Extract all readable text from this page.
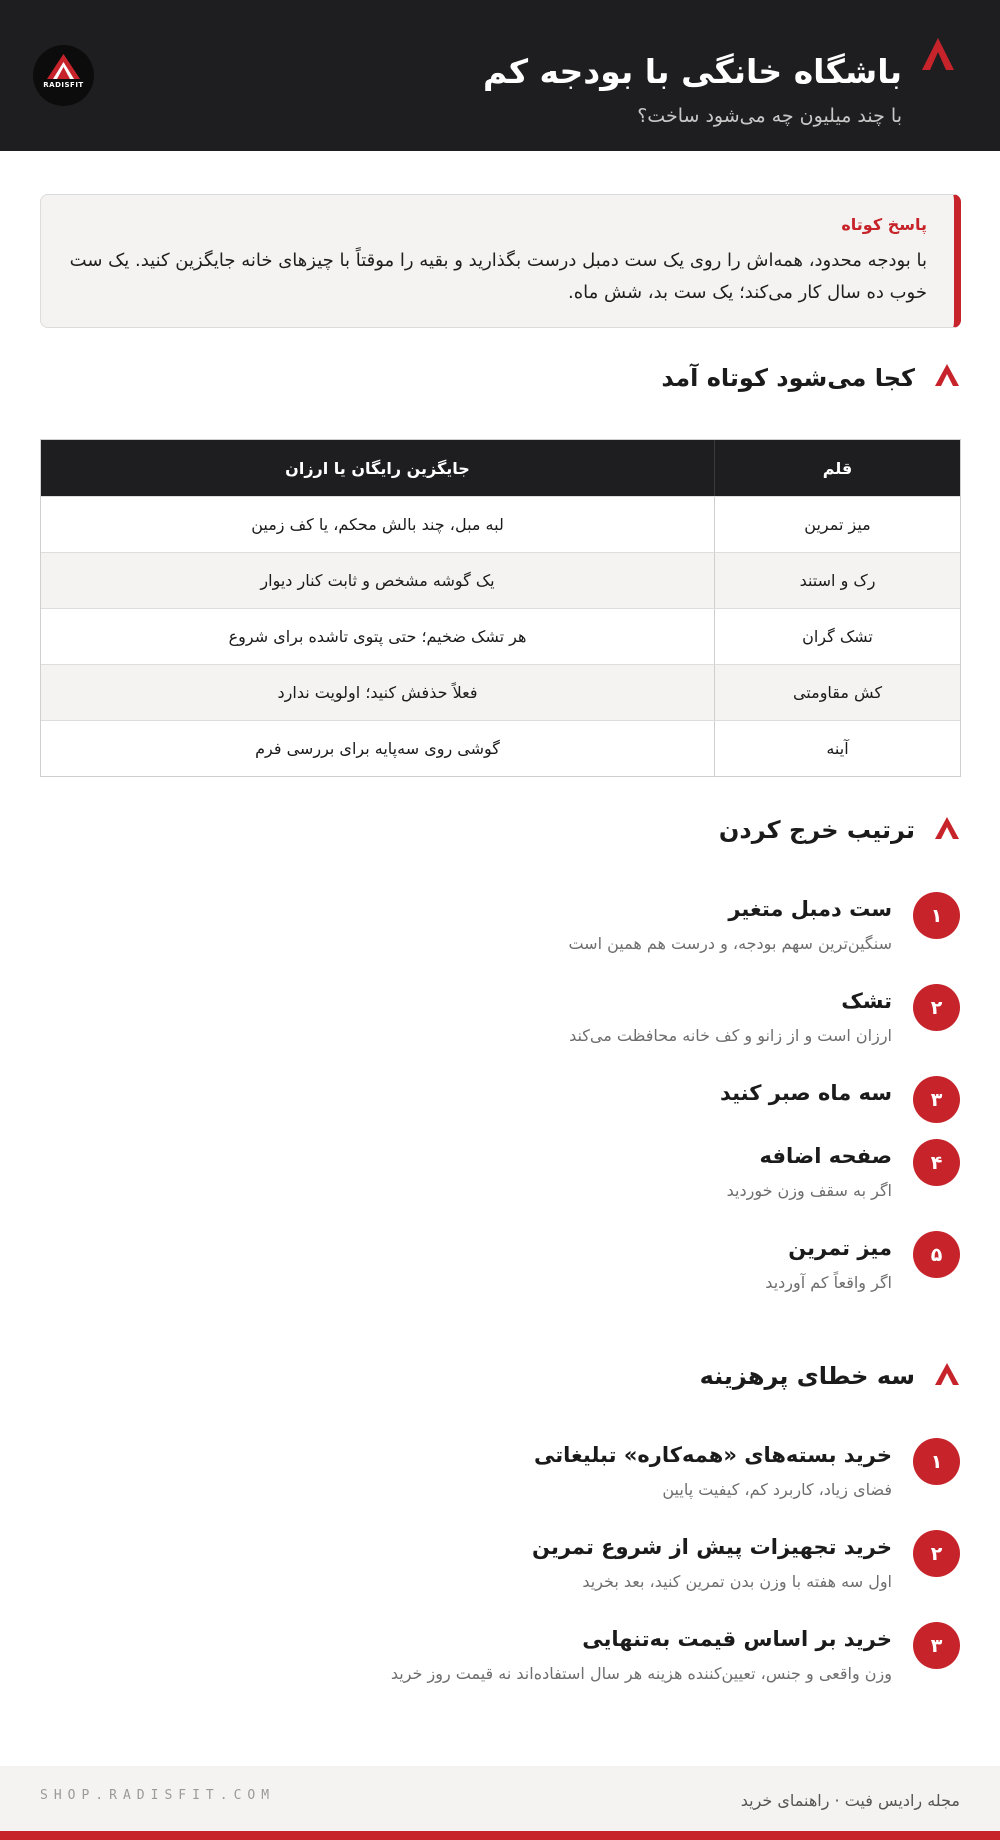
باشگاه خانگی با بودجه کم
با چند میلیون چه می‌شود ساخت؟
RADISFIT
پاسخ کوتاه
با بودجه محدود، همه‌اش را روی یک ست دمبل درست بگذارید و بقیه را موقتاً با چیزهای خانه جایگزین کنید. یک ست خوب ده سال کار می‌کند؛ یک ست بد، شش ماه.
کجا می‌شود کوتاه آمد
قلم
جایگزین رایگان یا ارزان
میز تمرین
لبه مبل، چند بالش محکم، یا کف زمین
رک و استند
یک گوشه مشخص و ثابت کنار دیوار
تشک گران
هر تشک ضخیم؛ حتی پتوی تاشده برای شروع
کش مقاومتی
فعلاً حذفش کنید؛ اولویت ندارد
آینه
گوشی روی سه‌پایه برای بررسی فرم
ترتیب خرج کردن
۱
ست دمبل متغیر
سنگین‌ترین سهم بودجه، و درست هم همین است
۲
تشک
ارزان است و از زانو و کف خانه محافظت می‌کند
۳
سه ماه صبر کنید
۴
صفحه اضافه
اگر به سقف وزن خوردید
۵
میز تمرین
اگر واقعاً کم آوردید
سه خطای پرهزینه
۱
خرید بسته‌های «همه‌کاره» تبلیغاتی
فضای زیاد، کاربرد کم، کیفیت پایین
۲
خرید تجهیزات پیش از شروع تمرین
اول سه هفته با وزن بدن تمرین کنید، بعد بخرید
۳
خرید بر اساس قیمت به‌تنهایی
وزن واقعی و جنس، تعیین‌کننده هزینه هر سال استفاده‌اند نه قیمت روز خرید
مجله رادیس فیت · راهنمای خرید
SHOP.RADISFIT.COM
